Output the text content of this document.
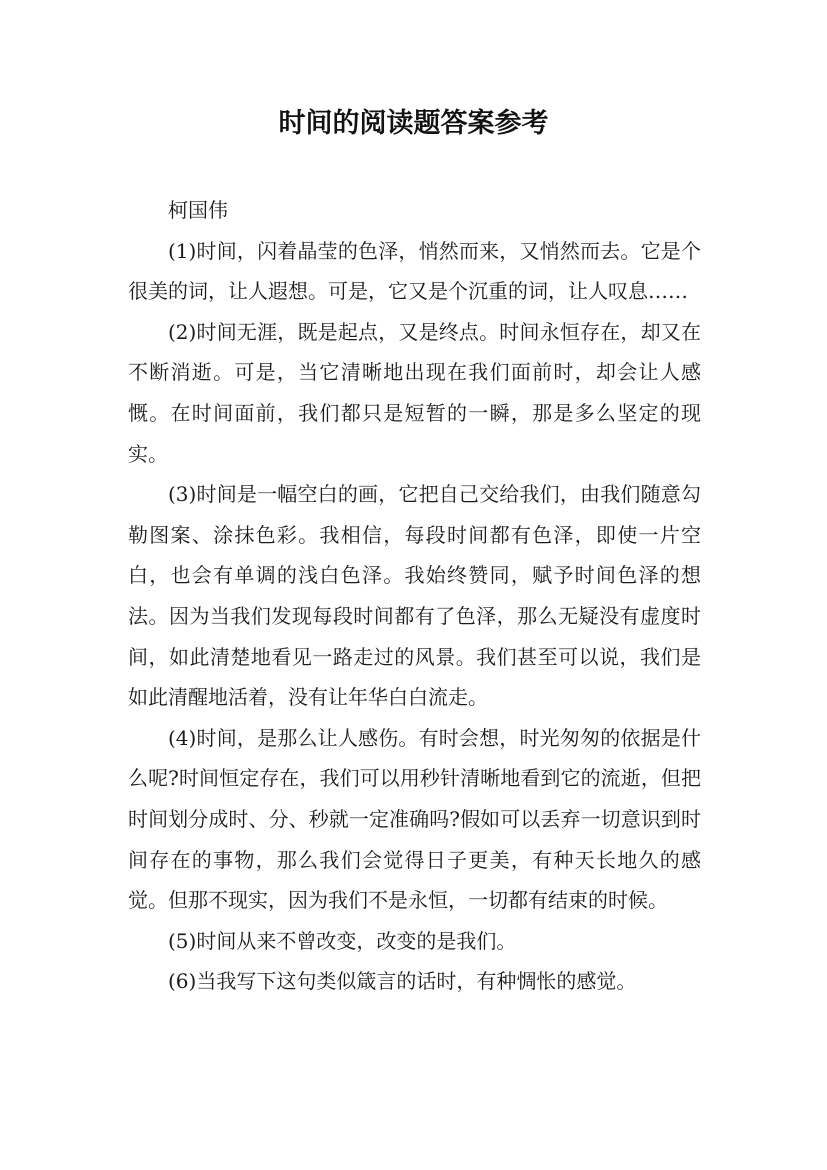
时间的阅读题答案参考

柯国伟

(1)时间，闪着晶莹的色泽，悄然而来，又悄然而去。它是个很美的词，让人遐想。可是，它又是个沉重的词，让人叹息……

(2)时间无涯，既是起点，又是终点。时间永恒存在，却又在不断消逝。可是，当它清晰地出现在我们面前时，却会让人感慨。在时间面前，我们都只是短暂的一瞬，那是多么坚定的现实。

(3)时间是一幅空白的画，它把自己交给我们，由我们随意勾勒图案、涂抹色彩。我相信，每段时间都有色泽，即使一片空白，也会有单调的浅白色泽。我始终赞同，赋予时间色泽的想法。因为当我们发现每段时间都有了色泽，那么无疑没有虚度时间，如此清楚地看见一路走过的风景。我们甚至可以说，我们是如此清醒地活着，没有让年华白白流走。

(4)时间，是那么让人感伤。有时会想，时光匆匆的依据是什么呢?时间恒定存在，我们可以用秒针清晰地看到它的流逝，但把时间划分成时、分、秒就一定准确吗?假如可以丢弃一切意识到时间存在的事物，那么我们会觉得日子更美，有种天长地久的感觉。但那不现实，因为我们不是永恒，一切都有结束的时候。

(5)时间从来不曾改变，改变的是我们。

(6)当我写下这句类似箴言的话时，有种惆怅的感觉。
